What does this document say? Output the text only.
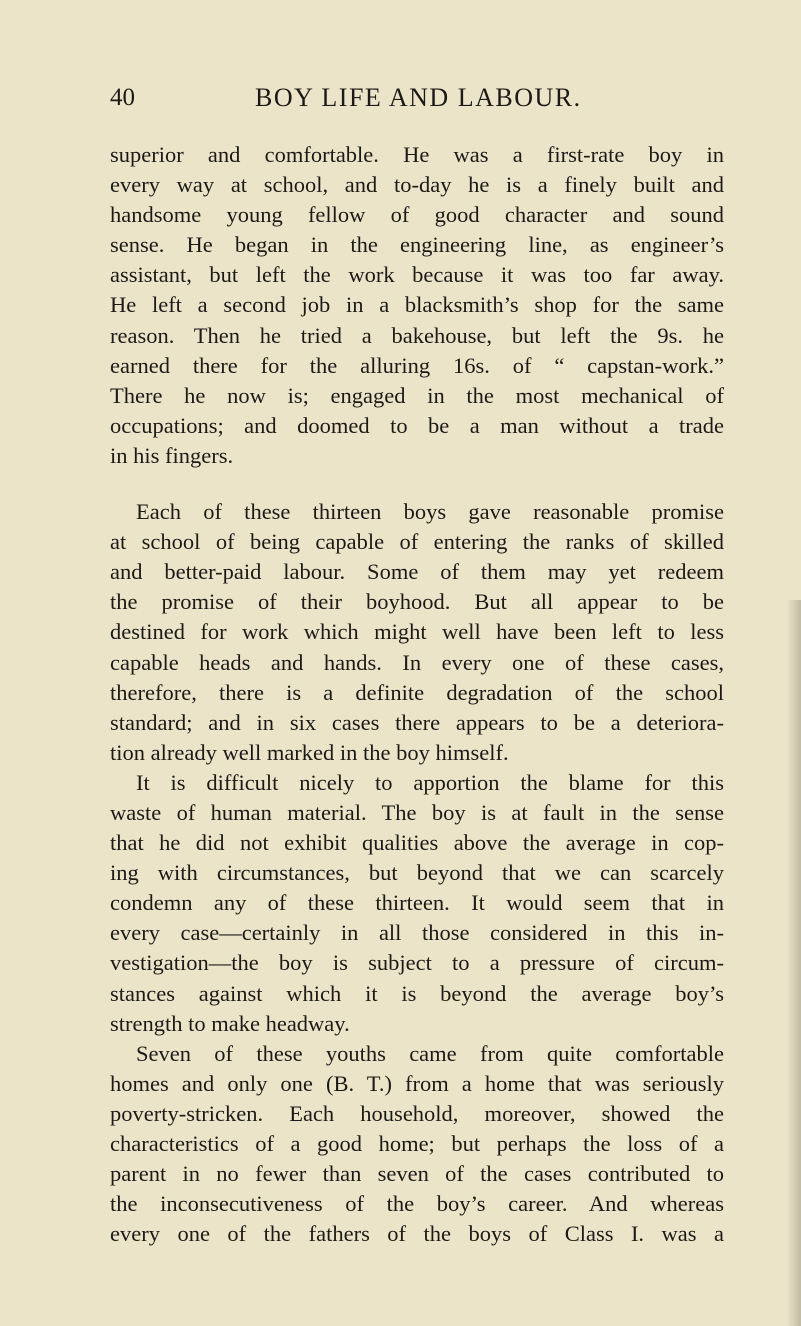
40	BOY LIFE AND LABOUR.
superior and comfortable. He was a first-rate boy in
every way at school, and to-day he is a finely built and
handsome young fellow of good character and sound
sense. He began in the engineering line, as engineer’s
assistant, but left the work because it was too far away.
He left a second job in a blacksmith’s shop for the same
reason. Then he tried a bakehouse, but left the 9s. he
earned there for the alluring 16s. of “ capstan-work.”
There he now is; engaged in the most mechanical of
occupations; and doomed to be a man without a trade
in his fingers.
Each of these thirteen boys gave reasonable promise
at school of being capable of entering the ranks of skilled
and better-paid labour. Some of them may yet redeem
the promise of their boyhood. But all appear to be
destined for work which might well have been left to less
capable heads and hands. In every one of these cases,
therefore, there is a definite degradation of the school
standard; and in six cases there appears to be a deteriora-
tion already well marked in the boy himself.
It is difficult nicely to apportion the blame for this
waste of human material. The boy is at fault in the sense
that he did not exhibit qualities above the average in cop-
ing with circumstances, but beyond that we can scarcely
condemn any of these thirteen. It would seem that in
every case—certainly in all those considered in this in-
vestigation—the boy is subject to a pressure of circum-
stances against which it is beyond the average boy’s
strength to make headway.
Seven of these youths came from quite comfortable
homes and only one (B. T.) from a home that was seriously
poverty-stricken. Each household, moreover, showed the
characteristics of a good home; but perhaps the loss of a
parent in no fewer than seven of the cases contributed to
the inconsecutiveness of the boy’s career. And whereas
every one of the fathers of the boys of Class I. was a
